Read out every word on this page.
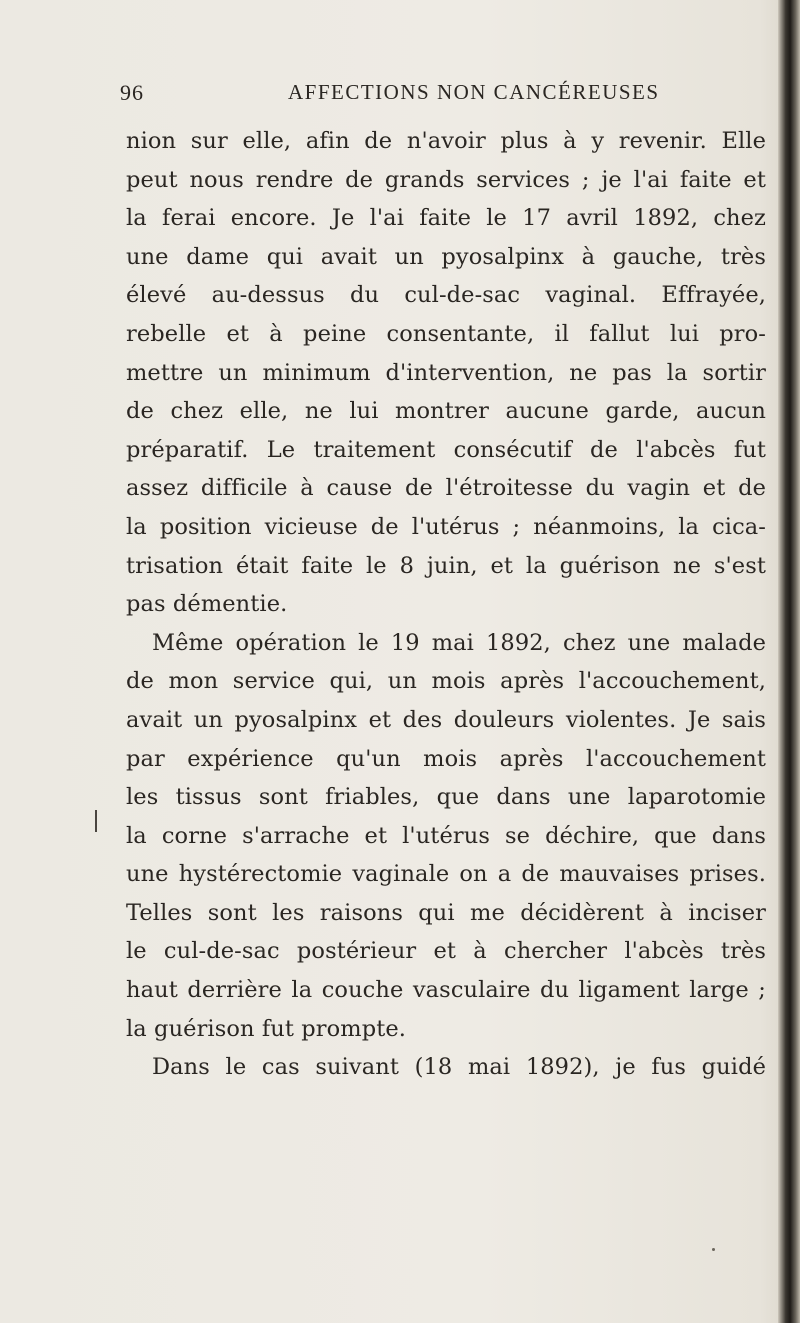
96	AFFECTIONS NON CANCÉREUSES
nion sur elle, afin de n'avoir plus à y revenir. Elle
peut nous rendre de grands services ; je l'ai faite et
la ferai encore. Je l'ai faite le 17 avril 1892, chez
une dame qui avait un pyosalpinx à gauche, très
élevé au-dessus du cul-de-sac vaginal. Effrayée,
rebelle et à peine consentante, il fallut lui pro-
mettre un minimum d'intervention, ne pas la sortir
de chez elle, ne lui montrer aucune garde, aucun
préparatif. Le traitement consécutif de l'abcès fut
assez difficile à cause de l'étroitesse du vagin et de
la position vicieuse de l'utérus ; néanmoins, la cica-
trisation était faite le 8 juin, et la guérison ne s'est
pas démentie.
Même opération le 19 mai 1892, chez une malade
de mon service qui, un mois après l'accouchement,
avait un pyosalpinx et des douleurs violentes. Je sais
par expérience qu'un mois après l'accouchement
les tissus sont friables, que dans une laparotomie
la corne s'arrache et l'utérus se déchire, que dans
une hystérectomie vaginale on a de mauvaises prises.
Telles sont les raisons qui me décidèrent à inciser
le cul-de-sac postérieur et à chercher l'abcès très
haut derrière la couche vasculaire du ligament large ;
la guérison fut prompte.
Dans le cas suivant (18 mai 1892), je fus guidé
